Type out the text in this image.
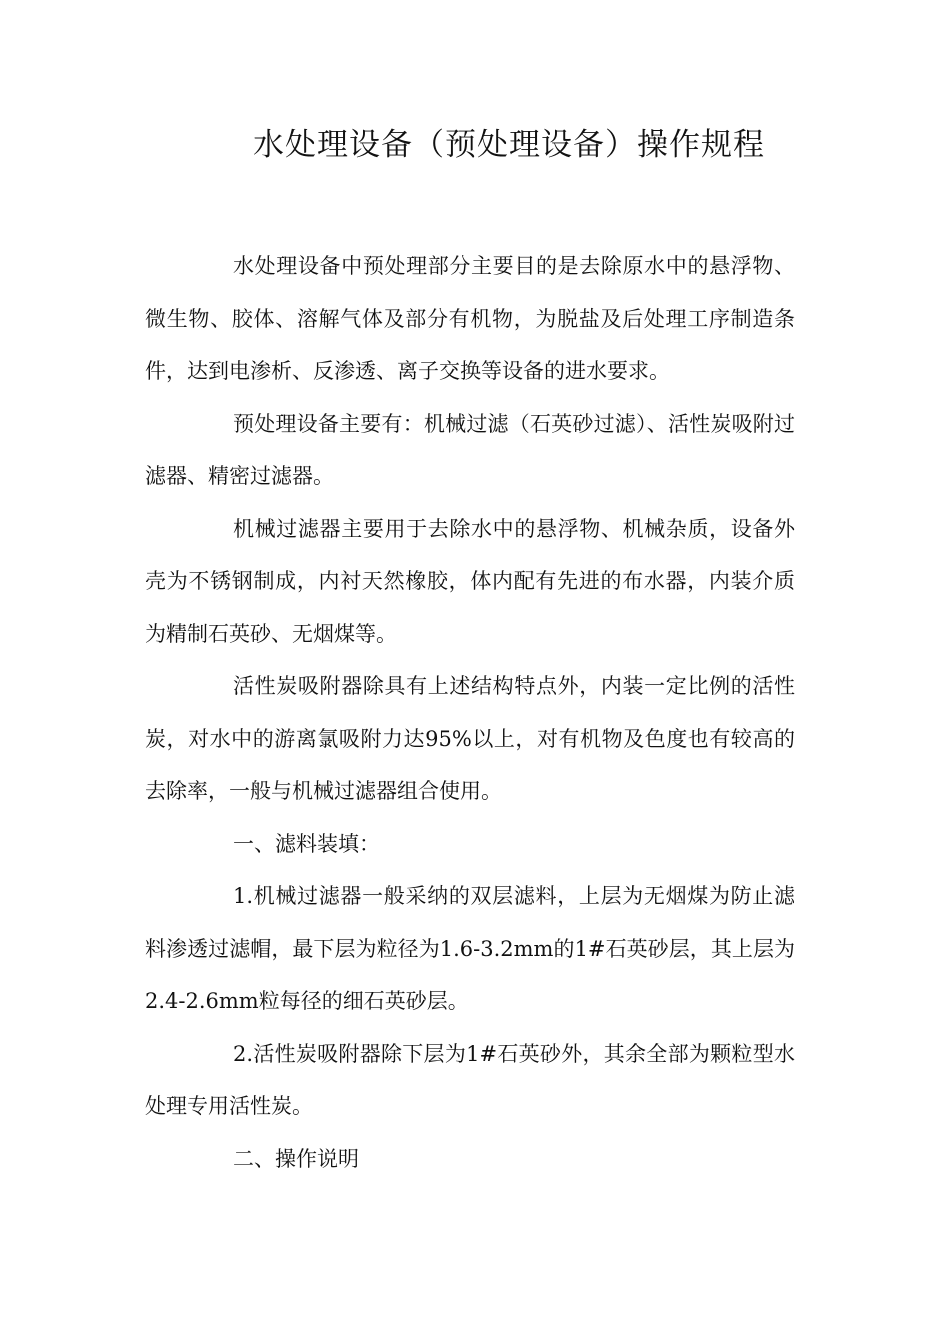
水处理设备（预处理设备）操作规程

水处理设备中预处理部分主要目的是去除原水中的悬浮物、微生物、胶体、溶解气体及部分有机物，为脱盐及后处理工序制造条件，达到电渗析、反渗透、离子交换等设备的进水要求。

预处理设备主要有：机械过滤（石英砂过滤）、活性炭吸附过滤器、精密过滤器。

机械过滤器主要用于去除水中的悬浮物、机械杂质，设备外壳为不锈钢制成，内衬天然橡胶，体内配有先进的布水器，内装介质为精制石英砂、无烟煤等。

活性炭吸附器除具有上述结构特点外，内装一定比例的活性炭，对水中的游离氯吸附力达95%以上，对有机物及色度也有较高的去除率，一般与机械过滤器组合使用。

一、滤料装填：

1.机械过滤器一般采纳的双层滤料，上层为无烟煤为防止滤料渗透过滤帽，最下层为粒径为1.6-3.2mm的1#石英砂层，其上层为2.4-2.6mm粒每径的细石英砂层。

2.活性炭吸附器除下层为1#石英砂外，其余全部为颗粒型水处理专用活性炭。

二、操作说明
